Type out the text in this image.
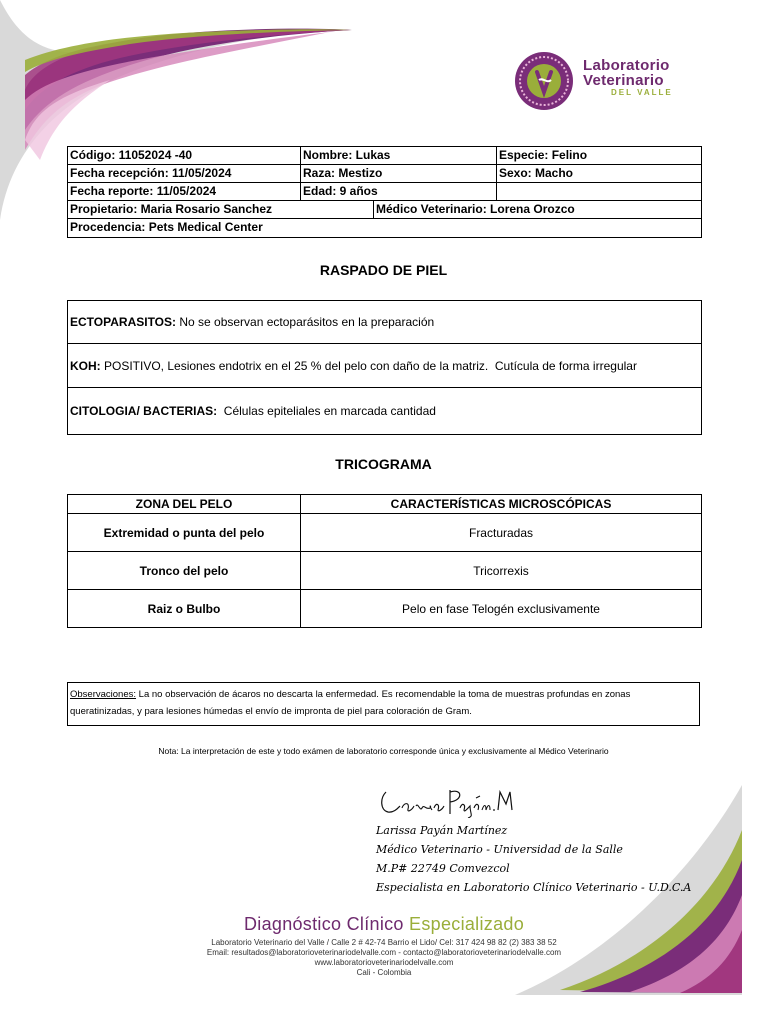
Laboratorio
Veterinario
DEL VALLE
Código: 11052024 -40	Nombre: Lukas	Especie: Felino
Fecha recepción: 11/05/2024	Raza: Mestizo	Sexo: Macho
Fecha reporte: 11/05/2024	Edad: 9 años
Propietario: Maria Rosario Sanchez	Médico Veterinario: Lorena Orozco
Procedencia: Pets Medical Center
RASPADO DE PIEL
ECTOPARASITOS: No se observan ectoparásitos en la preparación
KOH: POSITIVO, Lesiones endotrix en el 25 % del pelo con daño de la matriz.  Cutícula de forma irregular
CITOLOGIA/ BACTERIAS: Células epiteliales en marcada cantidad
TRICOGRAMA
ZONA DEL PELO	CARACTERÍSTICAS MICROSCÓPICAS
Extremidad o punta del pelo	Fracturadas
Tronco del pelo	Tricorrexis
Raiz o Bulbo	Pelo en fase Telogén exclusivamente
Observaciones: La no observación de ácaros no descarta la enfermedad. Es recomendable la toma de muestras profundas en zonas queratinizadas, y para lesiones húmedas el envío de impronta de piel para coloración de Gram.
Nota: La interpretación de este y todo exámen de laboratorio corresponde única y exclusivamente al Médico Veterinario
Larissa Payán Martínez
Médico Veterinario - Universidad de la Salle
M.P# 22749 Comvezcol
Especialista en Laboratorio Clínico Veterinario - U.D.C.A
Diagnóstico Clínico Especializado
Laboratorio Veterinario del Valle / Calle 2 # 42-74 Barrio el Lido/ Cel: 317 424 98 82 (2) 383 38 52
Email: resultados@laboratorioveterinariodelvalle.com - contacto@laboratorioveterinariodelvalle.com
www.laboratorioveterinariodelvalle.com
Cali - Colombia
